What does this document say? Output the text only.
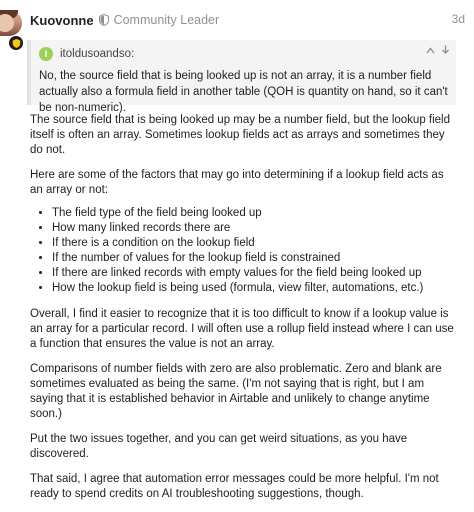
Kuovonne Community Leader	3d
I	itoldusoandso:
No, the source field that is being looked up is not an array, it is a number field actually also a formula field in another table (QOH is quantity on hand, so it can't be non-numeric).

The source field that is being looked up may be a number field, but the lookup field itself is often an array. Sometimes lookup fields act as arrays and sometimes they do not.

Here are some of the factors that may go into determining if a lookup field acts as an array or not:

• The field type of the field being looked up
• How many linked records there are
• If there is a condition on the lookup field
• If the number of values for the lookup field is constrained
• If there are linked records with empty values for the field being looked up
• How the lookup field is being used (formula, view filter, automations, etc.)

Overall, I find it easier to recognize that it is too difficult to know if a lookup value is an array for a particular record. I will often use a rollup field instead where I can use a function that ensures the value is not an array.

Comparisons of number fields with zero are also problematic. Zero and blank are sometimes evaluated as being the same. (I'm not saying that is right, but I am saying that it is established behavior in Airtable and unlikely to change anytime soon.)

Put the two issues together, and you can get weird situations, as you have discovered.

That said, I agree that automation error messages could be more helpful. I'm not ready to spend credits on AI troubleshooting suggestions, though.
